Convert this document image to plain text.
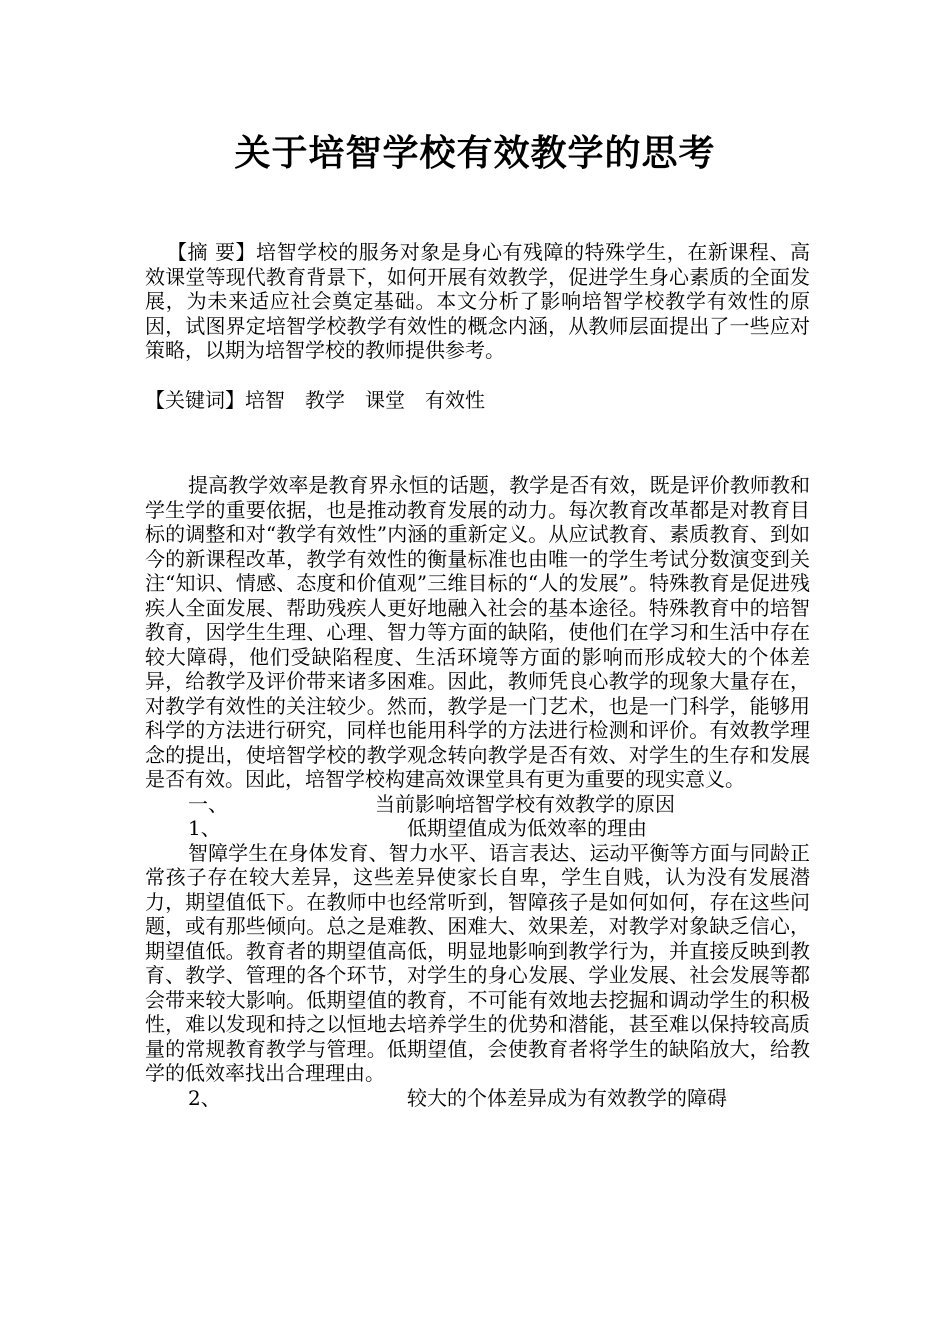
关于培智学校有效教学的思考
【摘 要】培智学校的服务对象是身心有残障的特殊学生，在新课程、高效课堂等现代教育背景下，如何开展有效教学，促进学生身心素质的全面发展，为未来适应社会奠定基础。本文分析了影响培智学校教学有效性的原因，试图界定培智学校教学有效性的概念内涵，从教师层面提出了一些应对策略，以期为培智学校的教师提供参考。
【关键词】培智 教学 课堂 有效性

提高教学效率是教育界永恒的话题，教学是否有效，既是评价教师教和学生学的重要依据，也是推动教育发展的动力。每次教育改革都是对教育目标的调整和对“教学有效性”内涵的重新定义。从应试教育、素质教育、到如今的新课程改革，教学有效性的衡量标准也由唯一的学生考试分数演变到关注“知识、情感、态度和价值观”三维目标的“人的发展”。特殊教育是促进残疾人全面发展、帮助残疾人更好地融入社会的基本途径。特殊教育中的培智教育，因学生生理、心理、智力等方面的缺陷，使他们在学习和生活中存在较大障碍，他们受缺陷程度、生活环境等方面的影响而形成较大的个体差异，给教学及评价带来诸多困难。因此，教师凭良心教学的现象大量存在，对教学有效性的关注较少。然而，教学是一门艺术，也是一门科学，能够用科学的方法进行研究，同样也能用科学的方法进行检测和评价。有效教学理念的提出，使培智学校的教学观念转向教学是否有效、对学生的生存和发展是否有效。因此，培智学校构建高效课堂具有更为重要的现实意义。

一、	当前影响培智学校有效教学的原因
1、	低期望值成为低效率的理由

智障学生在身体发育、智力水平、语言表达、运动平衡等方面与同龄正常孩子存在较大差异，这些差异使家长自卑，学生自贱，认为没有发展潜力，期望值低下。在教师中也经常听到，智障孩子是如何如何，存在这些问题，或有那些倾向。总之是难教、困难大、效果差，对教学对象缺乏信心，期望值低。教育者的期望值高低，明显地影响到教学行为，并直接反映到教育、教学、管理的各个环节，对学生的身心发展、学业发展、社会发展等都会带来较大影响。低期望值的教育，不可能有效地去挖掘和调动学生的积极性，难以发现和持之以恒地去培养学生的优势和潜能，甚至难以保持较高质量的常规教育教学与管理。低期望值，会使教育者将学生的缺陷放大，给教学的低效率找出合理理由。

2、	较大的个体差异成为有效教学的障碍
